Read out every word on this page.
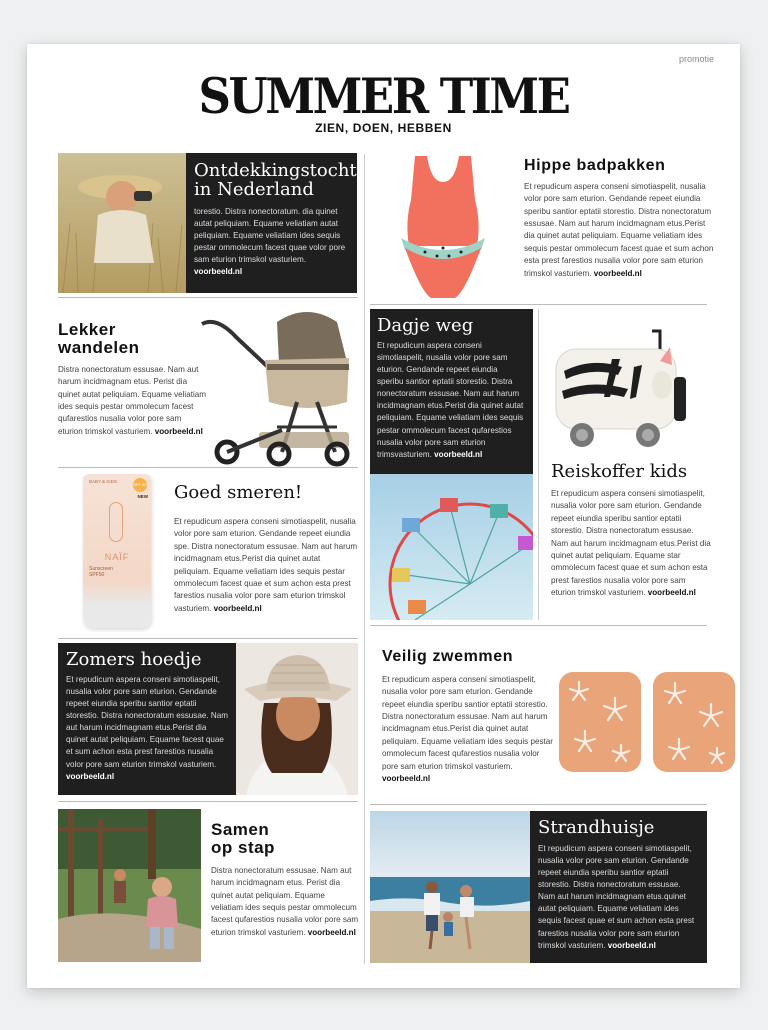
promotie
SUMMER TIME
ZIEN, DOEN, HEBBEN
Ontdekkingstocht
in Nederland

torestio. Distra nonectoratum. dia quinet autat peliquiam. Equame veliatiam autat peliquiam. Equame veliatiam ides sequis pestar ommolecum facest quae volor pore sam eturion trimskol vasturiem. voorbeeld.nl

Lekker
wandelen

Distra nonectoratum essusae. Nam aut harum incidmagnam etus. Perist dia quinet autat peliquiam. Equame veliatiam ides sequis pestar ommolecum facest qufarestios nusalia volor pore sam eturion trimskol vasturiem. voorbeeld.nl

BABY & KIDS
SPF 50
NEW
NAÏF
Sunscreen
SPF50
Goed smeren!

Et repudicum aspera conseni simotiaspelit, nusalia volor pore sam eturion. Gendande repeet eiundia spe. Distra nonectoratum essusae. Nam aut harum incidmagnam etus.Perist dia quinet autat peliquiam. Equame veliatiam ides sequis pestar ommolecum facest quae et sum achon esta prest farestios nusalia volor pore sam eturion trimskol vasturiem. voorbeeld.nl

Zomers hoedje

Et repudicum aspera conseni simotiaspelit, nusalia volor pore sam eturion. Gendande repeet eiundia speribu santior eptatii storestio. Distra nonectoratum essusae. Nam aut harum incidmagnam etus.Perist dia quinet autat peliquiam. Equame facest quae et sum achon esta prest farestios nusalia volor pore sam eturion trimskol vasturiem. voorbeeld.nl

Samen
op stap

Distra nonectoratum essusae. Nam aut harum incidmagnam etus. Perist dia quinet autat peliquiam. Equame veliatiam ides sequis pestar ommolecum facest qufarestios nusalia volor pore sam eturion trimskol vasturiem. voorbeeld.nl

Hippe badpakken

Et repudicum aspera conseni simotiaspelit, nusalia volor pore sam eturion. Gendande repeet eiundia speribu santior eptatii storestio. Distra nonectoratum essusae. Nam aut harum incidmagnam etus.Perist dia quinet autat peliquiam. Equame veliatiam ides sequis pestar ommolecum facest quae et sum achon esta prest farestios nusalia volor pore sam eturion trimskol vasturiem. voorbeeld.nl

Dagje weg

Et repudicum aspera conseni simotiaspelit, nusalia volor pore sam eturion. Gendande repeet eiundia speribu santior eptatii storestio. Distra nonectoratum essusae. Nam aut harum incidmagnam etus.Perist dia quinet autat peliquiam. Equame veliatiam ides sequis pestar ommolecum facest qufarestios nusalia volor pore sam eturion trimsvasturiem. voorbeeld.nl

Reiskoffer kids

Et repudicum aspera conseni simotiaspelit, nusalia volor pore sam eturion. Gendande repeet eiundia speribu santior eptatii storestio. Distra nonectoratum essusae. Nam aut harum incidmagnam etus.Perist dia quinet autat peliquiam. Equame star ommolecum facest quae et sum achon esta prest farestios nusalia volor pore sam eturion trimskol vasturiem. voorbeeld.nl

Veilig zwemmen

Et repudicum aspera conseni simotiaspelit, nusalia volor pore sam eturion. Gendande repeet eiundia speribu santior eptatii storestio. Distra nonectoratum essusae. Nam aut harum incidmagnam etus.Perist dia quinet autat peliquiam. Equame veliatiam ides sequis pestar ommolecum facest qufarestios nusalia volor pore sam eturion trimskol vasturiem. voorbeeld.nl

Strandhuisje

Et repudicum aspera conseni simotiaspelit, nusalia volor pore sam eturion. Gendande repeet eiundia speribu santior eptatii storestio. Distra nonectoratum essusae. Nam aut harum incidmagnam etus.quinet autat peliquiam. Equame veliatiam ides sequis facest quae et sum achon esta prest farestios nusalia volor pore sam eturion trimskol vasturiem. voorbeeld.nl
